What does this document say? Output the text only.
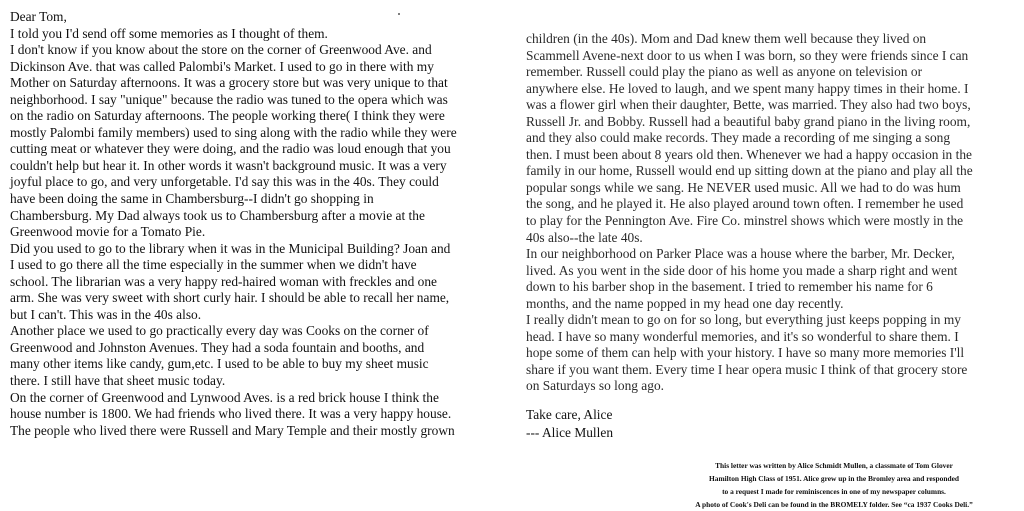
Dear Tom,
I told you I'd send off some memories as I thought of them.
I don't know if you know about the store on the corner of Greenwood Ave. and
Dickinson Ave. that was called Palombi's Market. I used to go in there with my
Mother on Saturday afternoons. It was a grocery store but was very unique to that
neighborhood. I say "unique" because the radio was tuned to the opera which was
on the radio on Saturday afternoons. The people working there( I think they were
mostly Palombi family members) used to sing along with the radio while they were
cutting meat or whatever they were doing, and the radio was loud enough that you
couldn't help but hear it. In other words it wasn't background music. It was a very
joyful place to go, and very unforgetable. I'd say this was in the 40s. They could
have been doing the same in Chambersburg--I didn't go shopping in
Chambersburg. My Dad always took us to Chambersburg after a movie at the
Greenwood movie for a Tomato Pie.
Did you used to go to the library when it was in the Municipal Building? Joan and
I used to go there all the time especially in the summer when we didn't have
school. The librarian was a very happy red-haired woman with freckles and one
arm. She was very sweet with short curly hair. I should be able to recall her name,
but I can't. This was in the 40s also.
Another place we used to go practically every day was Cooks on the corner of
Greenwood and Johnston Avenues. They had a soda fountain and booths, and
many other items like candy, gum,etc. I used to be able to buy my sheet music
there. I still have that sheet music today.
On the corner of Greenwood and Lynwood Aves. is a red brick house I think the
house number is 1800. We had friends who lived there. It was a very happy house.
The people who lived there were Russell and Mary Temple and their mostly grown
children (in the 40s). Mom and Dad knew them well because they lived on
Scammell Avene-next door to us when I was born, so they were friends since I can
remember. Russell could play the piano as well as anyone on television or
anywhere else. He loved to laugh, and we spent many happy times in their home. I
was a flower girl when their daughter, Bette, was married. They also had two boys,
Russell Jr. and Bobby. Russell had a beautiful baby grand piano in the living room,
and they also could make records. They made a recording of me singing a song
then. I must been about 8 years old then. Whenever we had a happy occasion in the
family in our home, Russell would end up sitting down at the piano and play all the
popular songs while we sang. He NEVER used music. All we had to do was hum
the song, and he played it. He also played around town often. I remember he used
to play for the Pennington Ave. Fire Co. minstrel shows which were mostly in the
40s also--the late 40s.
In our neighborhood on Parker Place was a house where the barber, Mr. Decker,
lived. As you went in the side door of his home you made a sharp right and went
down to his barber shop in the basement. I tried to remember his name for 6
months, and the name popped in my head one day recently.
I really didn't mean to go on for so long, but everything just keeps popping in my
head. I have so many wonderful memories, and it's so wonderful to share them. I
hope some of them can help with your history. I have so many more memories I'll
share if you want them. Every time I hear opera music I think of that grocery store
on Saturdays so long ago.
Take care, Alice
--- Alice Mullen
This letter was written by Alice Schmidt Mullen, a classmate of Tom Glover
Hamilton High Class of 1951. Alice grew up in the Bromley area and responded
to a request I made for reminiscences in one of my newspaper columns.
A photo of Cook's Deli can be found in the BROMELY folder. See “ca 1937 Cooks Deli.”
